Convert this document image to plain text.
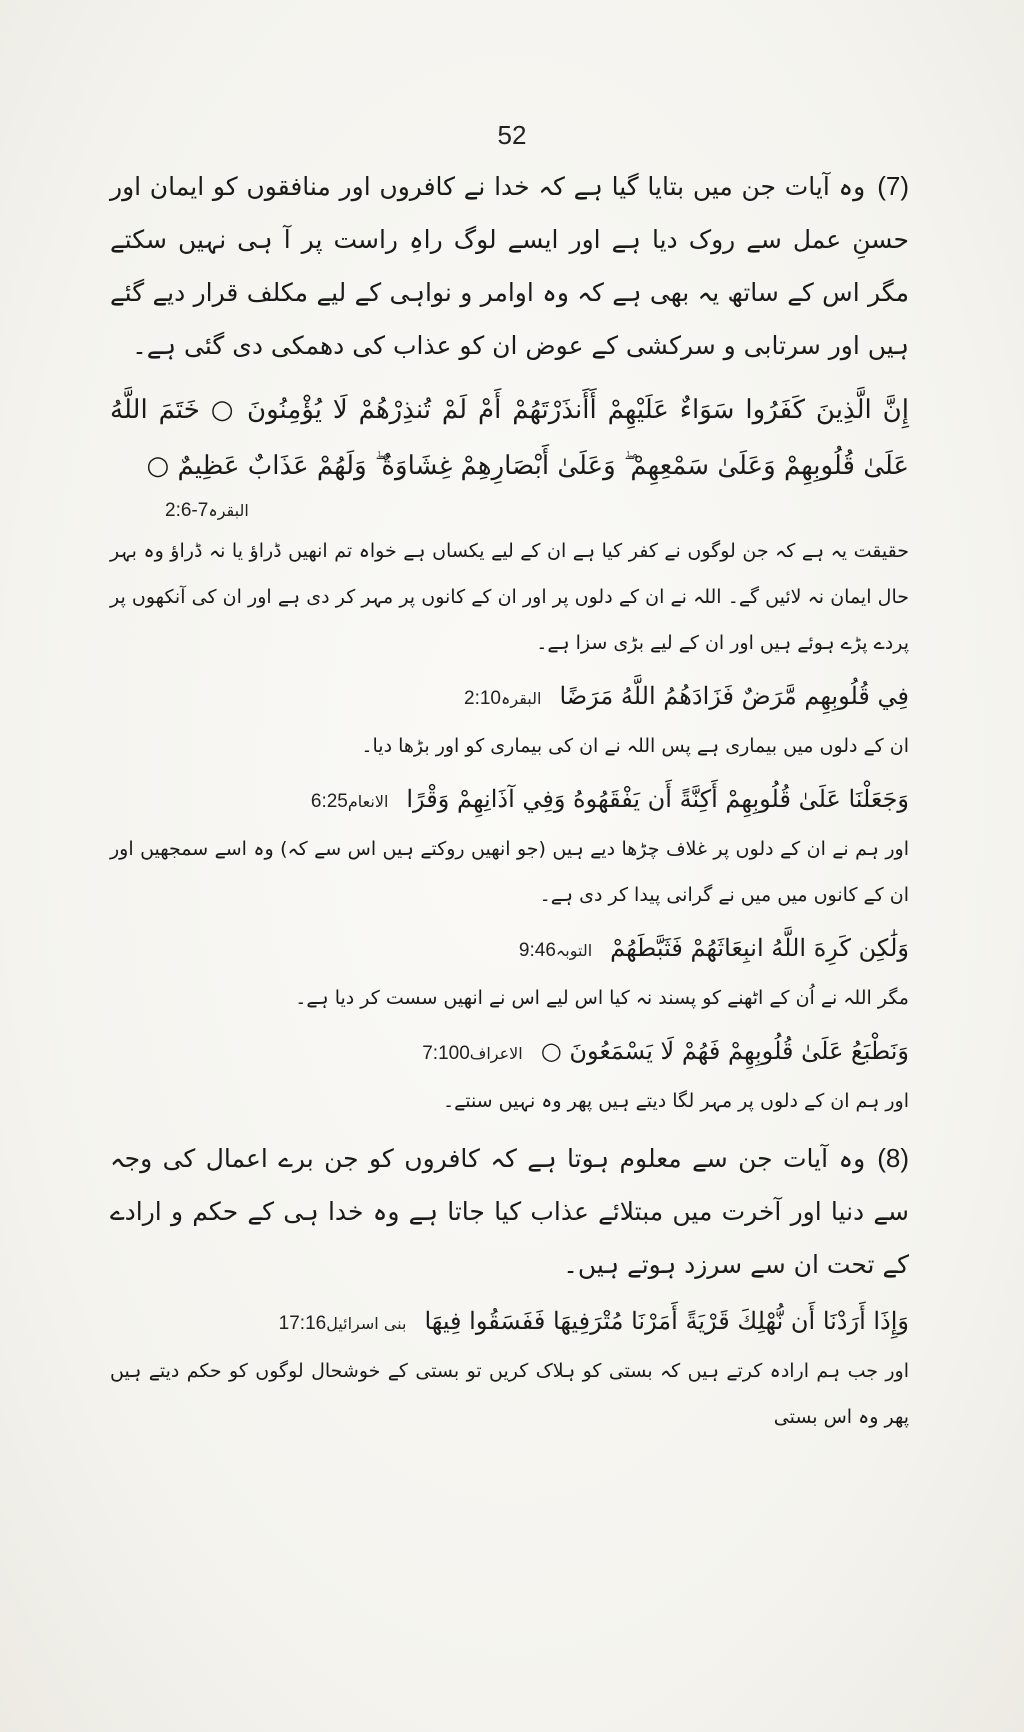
52

(7)وہ آیات جن میں بتایا گیا ہے کہ خدا نے کافروں اور منافقوں کو ایمان اور حسنِ عمل سے روک دیا ہے اور ایسے لوگ راہِ راست پر آ ہی نہیں سکتے مگر اس کے ساتھ یہ بھی ہے کہ وہ اوامر و نواہی کے لیے مکلف قرار دیے گئے ہیں اور سرتابی و سرکشی کے عوض ان کو عذاب کی دھمکی دی گئی ہے۔

إِنَّ الَّذِينَ كَفَرُوا سَوَاءٌ عَلَيْهِمْ أَأَنذَرْتَهُمْ أَمْ لَمْ تُنذِرْهُمْ لَا يُؤْمِنُونَ ○ خَتَمَ اللَّهُ عَلَىٰ قُلُوبِهِمْ وَعَلَىٰ سَمْعِهِمْ ۖ وَعَلَىٰ أَبْصَارِهِمْ غِشَاوَةٌ ۖ وَلَهُمْ عَذَابٌ عَظِيمٌ ○

البقرہ2:6-7

حقیقت یہ ہے کہ جن لوگوں نے کفر کیا ہے ان کے لیے یکساں ہے خواہ تم انھیں ڈراؤ یا نہ ڈراؤ وہ بہر حال ایمان نہ لائیں گے۔ اللہ نے ان کے دلوں پر اور ان کے کانوں پر مہر کر دی ہے اور ان کی آنکھوں پر پردے پڑے ہوئے ہیں اور ان کے لیے بڑی سزا ہے۔

فِي قُلُوبِهِم مَّرَضٌ فَزَادَهُمُ اللَّهُ مَرَضًاالبقرہ2:10

ان کے دلوں میں بیماری ہے پس اللہ نے ان کی بیماری کو اور بڑھا دیا۔

وَجَعَلْنَا عَلَىٰ قُلُوبِهِمْ أَكِنَّةً أَن يَفْقَهُوهُ وَفِي آذَانِهِمْ وَقْرًاالانعام6:25

اور ہم نے ان کے دلوں پر غلاف چڑھا دیے ہیں (جو انھیں روکتے ہیں اس سے کہ) وہ اسے سمجھیں اور ان کے کانوں میں میں نے گرانی پیدا کر دی ہے۔

وَلَٰكِن كَرِهَ اللَّهُ انبِعَاثَهُمْ فَثَبَّطَهُمْالتوبہ9:46

مگر اللہ نے اُن کے اٹھنے کو پسند نہ کیا اس لیے اس نے انھیں سست کر دیا ہے۔

وَنَطْبَعُ عَلَىٰ قُلُوبِهِمْ فَهُمْ لَا يَسْمَعُونَ ○الاعراف7:100

اور ہم ان کے دلوں پر مہر لگا دیتے ہیں پھر وہ نہیں سنتے۔

(8)وہ آیات جن سے معلوم ہوتا ہے کہ کافروں کو جن برے اعمال کی وجہ سے دنیا اور آخرت میں مبتلائے عذاب کیا جاتا ہے وہ خدا ہی کے حکم و ارادے کے تحت ان سے سرزد ہوتے ہیں۔

وَإِذَا أَرَدْنَا أَن نُّهْلِكَ قَرْيَةً أَمَرْنَا مُتْرَفِيهَا فَفَسَقُوا فِيهَابنی اسرائیل17:16

اور جب ہم ارادہ کرتے ہیں کہ بستی کو ہلاک کریں تو بستی کے خوشحال لوگوں کو حکم دیتے ہیں پھر وہ اس بستی
